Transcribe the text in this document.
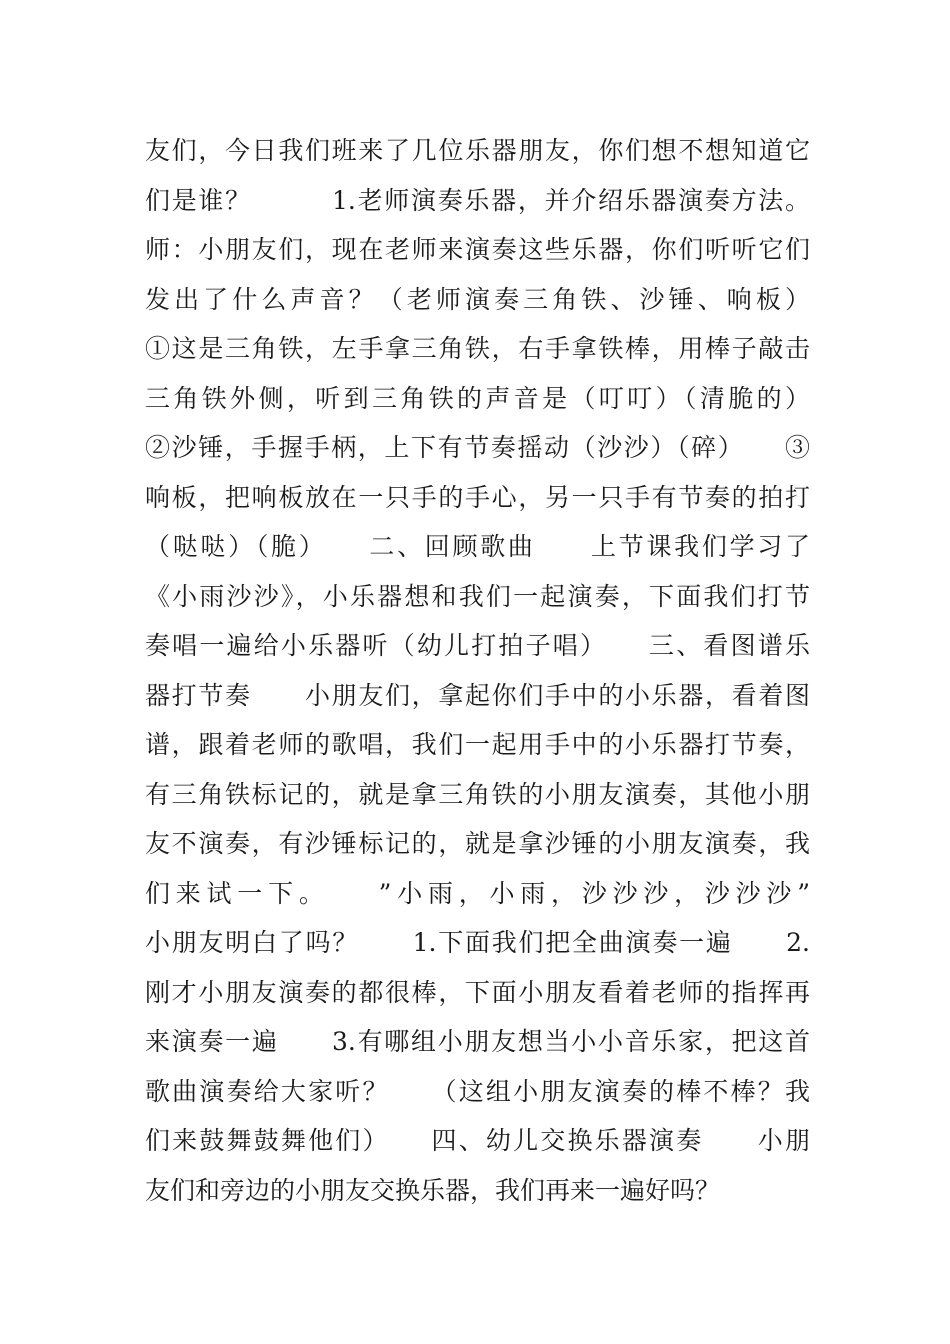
友们，今日我们班来了几位乐器朋友，你们想不想知道它
们是谁？　　　1.老师演奏乐器，并介绍乐器演奏方法。
师：小朋友们，现在老师来演奏这些乐器，你们听听它们
发出了什么声音？（老师演奏三角铁、沙锤、响板）
①这是三角铁，左手拿三角铁，右手拿铁棒，用棒子敲击
三角铁外侧，听到三角铁的声音是（叮叮）（清脆的）
②沙锤，手握手柄，上下有节奏摇动（沙沙）（碎）　　③
响板，把响板放在一只手的手心，另一只手有节奏的拍打
（哒哒）（脆）　　二、回顾歌曲　　上节课我们学习了
《小雨沙沙》，小乐器想和我们一起演奏，下面我们打节
奏唱一遍给小乐器听（幼儿打拍子唱）　　三、看图谱乐
器打节奏　　小朋友们，拿起你们手中的小乐器，看着图
谱，跟着老师的歌唱，我们一起用手中的小乐器打节奏，
有三角铁标记的，就是拿三角铁的小朋友演奏，其他小朋
友不演奏，有沙锤标记的，就是拿沙锤的小朋友演奏，我
们来试一下。　　”小雨，小雨，沙沙沙，沙沙沙”
小朋友明白了吗？　　1.下面我们把全曲演奏一遍　　2.
刚才小朋友演奏的都很棒，下面小朋友看着老师的指挥再
来演奏一遍　　3.有哪组小朋友想当小小音乐家，把这首
歌曲演奏给大家听？　　（这组小朋友演奏的棒不棒？我
们来鼓舞鼓舞他们）　　四、幼儿交换乐器演奏　　小朋
友们和旁边的小朋友交换乐器，我们再来一遍好吗？
